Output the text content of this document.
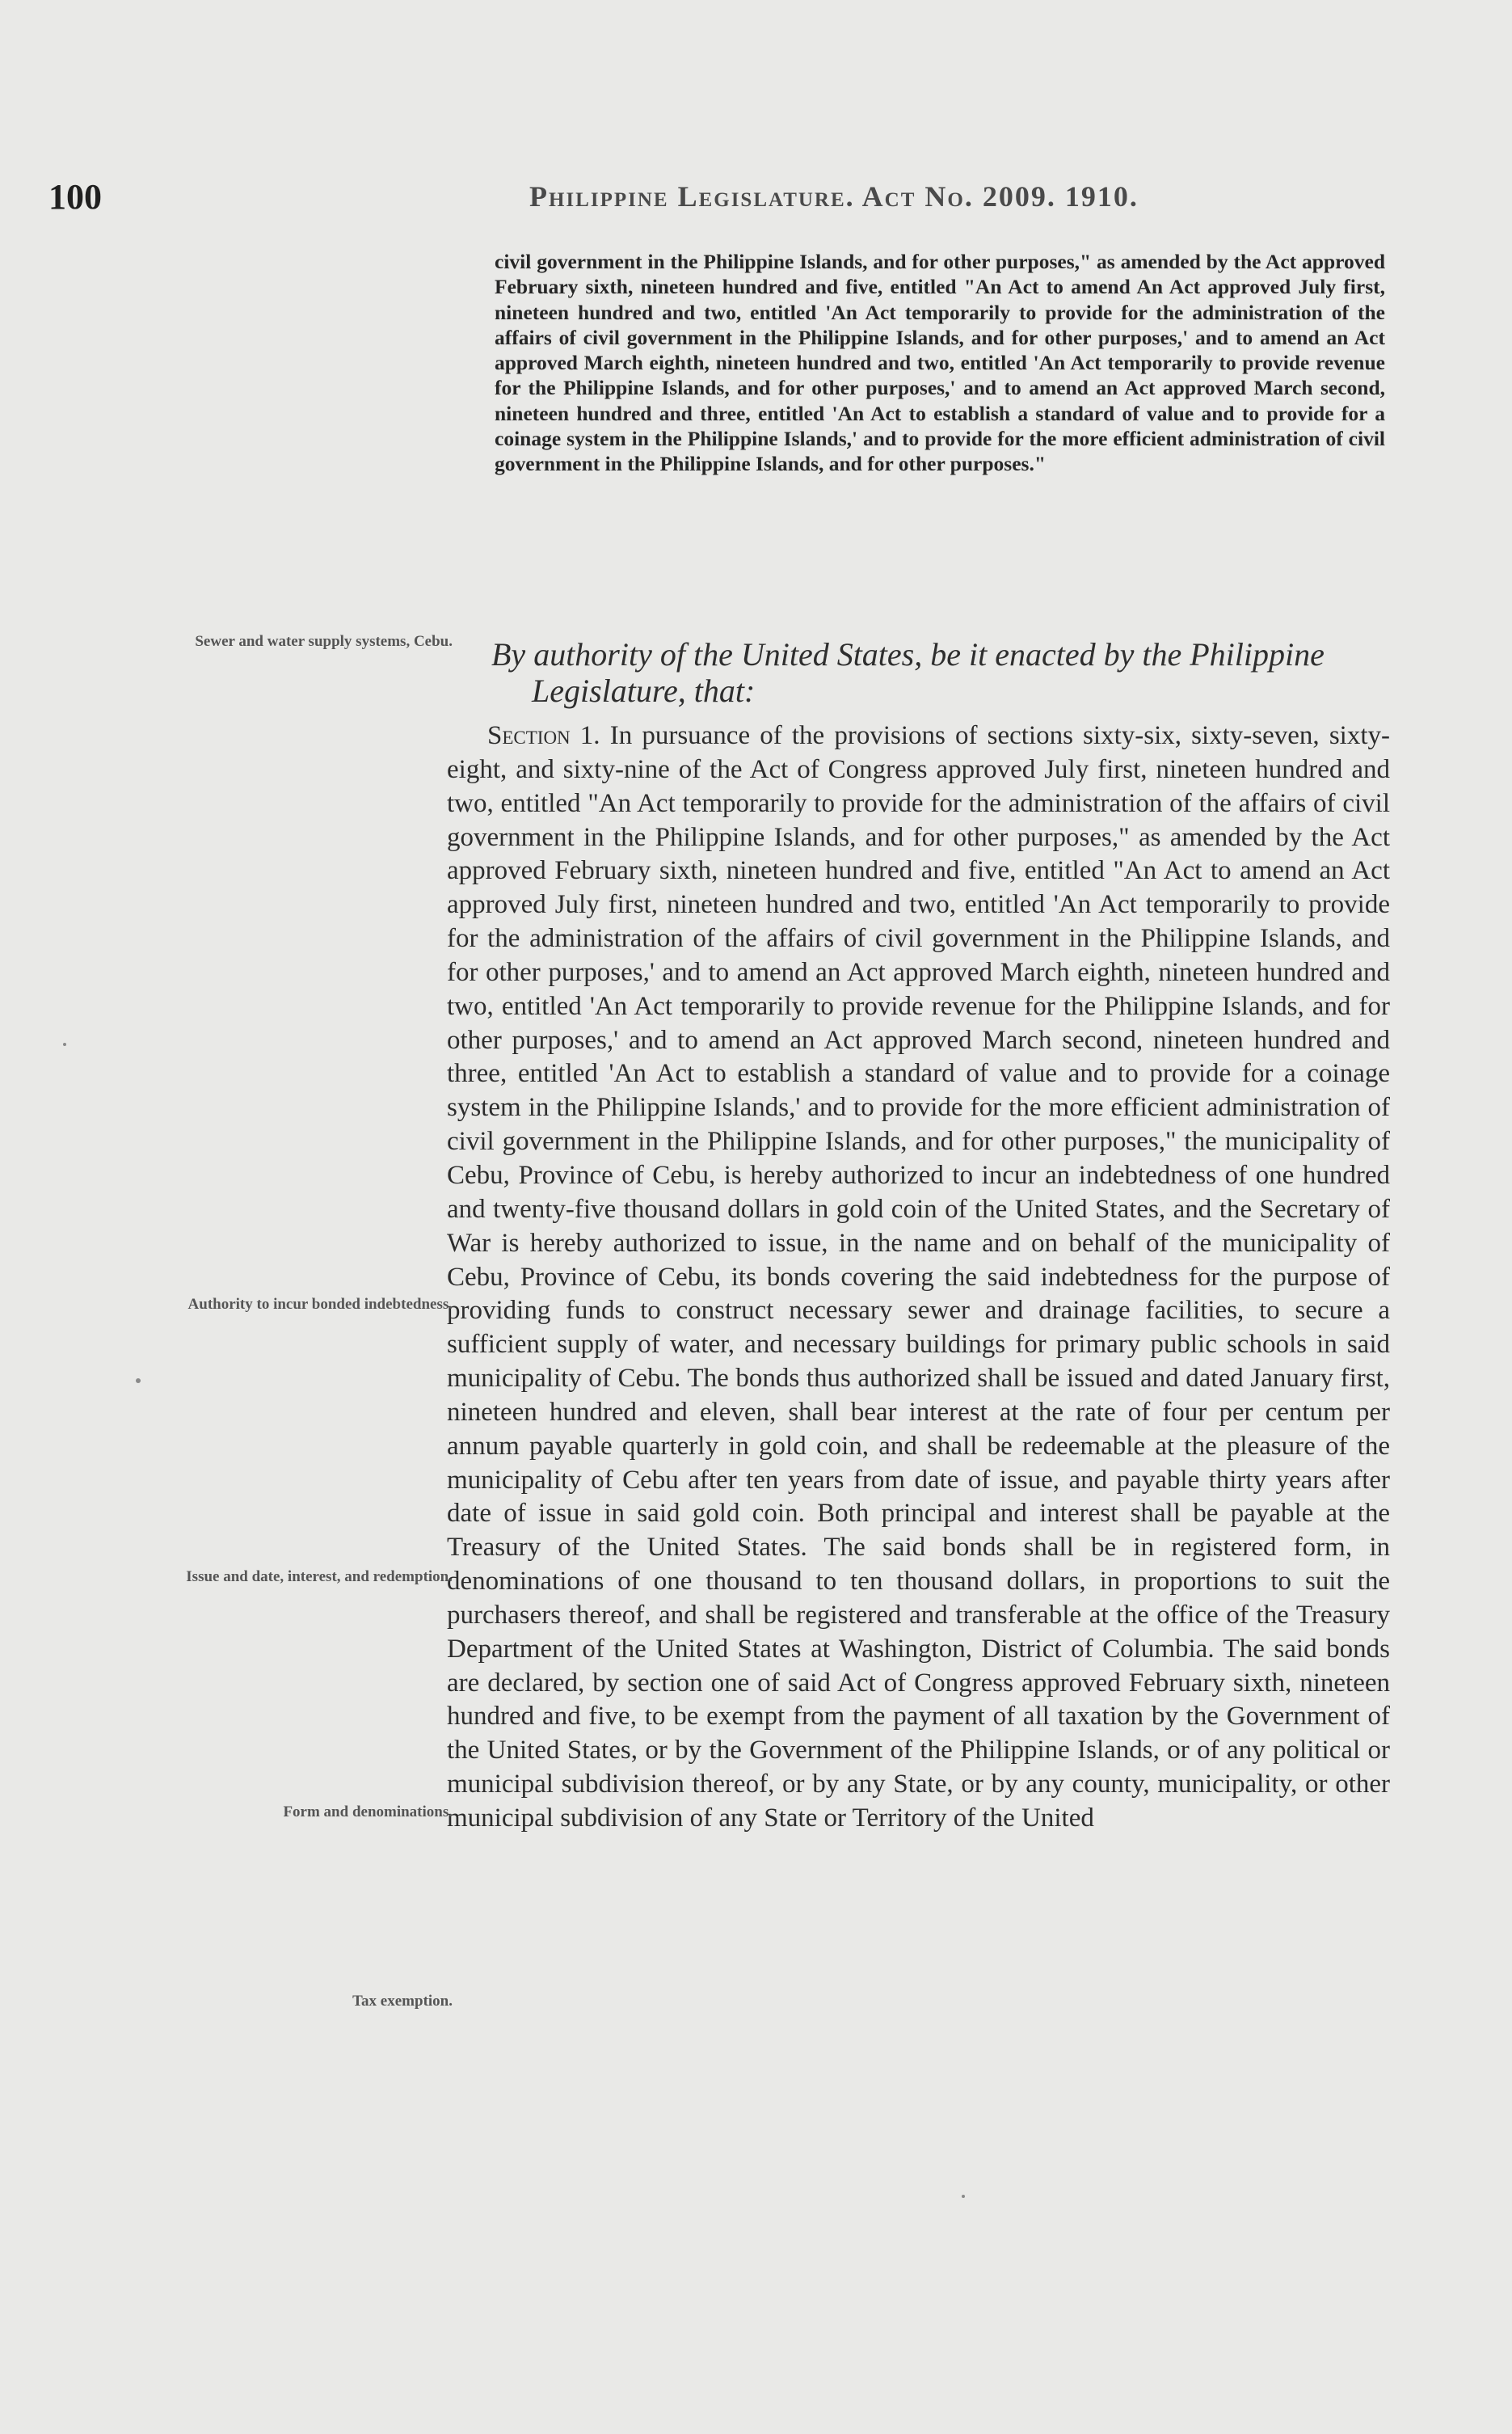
100	Philippine Legislature. Act No. 2009. 1910.

civil government in the Philippine Islands, and for other purposes," as amended by the Act approved February sixth, nineteen hundred and five, entitled "An Act to amend An Act approved July first, nineteen hundred and two, entitled 'An Act temporarily to provide for the administration of the affairs of civil government in the Philippine Islands, and for other purposes,' and to amend an Act approved March eighth, nineteen hundred and two, entitled 'An Act temporarily to provide revenue for the Philippine Islands, and for other purposes,' and to amend an Act approved March second, nineteen hundred and three, entitled 'An Act to establish a standard of value and to provide for a coinage system in the Philippine Islands,' and to provide for the more efficient administration of civil government in the Philippine Islands, and for other purposes."

By authority of the United States, be it enacted by the Philippine
Legislature, that:

Section 1. In pursuance of the provisions of sections sixty-six, sixty-seven, sixty-eight, and sixty-nine of the Act of Congress approved July first, nineteen hundred and two, entitled "An Act temporarily to provide for the administration of the affairs of civil government in the Philippine Islands, and for other purposes," as amended by the Act approved February sixth, nineteen hundred and five, entitled "An Act to amend an Act approved July first, nineteen hundred and two, entitled 'An Act temporarily to provide for the administration of the affairs of civil government in the Philippine Islands, and for other purposes,' and to amend an Act approved March eighth, nineteen hundred and two, entitled 'An Act temporarily to provide revenue for the Philippine Islands, and for other purposes,' and to amend an Act approved March second, nineteen hundred and three, entitled 'An Act to establish a standard of value and to provide for a coinage system in the Philippine Islands,' and to provide for the more efficient administration of civil government in the Philippine Islands, and for other purposes," the municipality of Cebu, Province of Cebu, is hereby authorized to incur an indebtedness of one hundred and twenty-five thousand dollars in gold coin of the United States, and the Secretary of War is hereby authorized to issue, in the name and on behalf of the municipality of Cebu, Province of Cebu, its bonds covering the said indebtedness for the purpose of providing funds to construct necessary sewer and drainage facilities, to secure a sufficient supply of water, and necessary buildings for primary public schools in said municipality of Cebu. The bonds thus authorized shall be issued and dated January first, nineteen hundred and eleven, shall bear interest at the rate of four per centum per annum payable quarterly in gold coin, and shall be redeemable at the pleasure of the municipality of Cebu after ten years from date of issue, and payable thirty years after date of issue in said gold coin. Both principal and interest shall be payable at the Treasury of the United States. The said bonds shall be in registered form, in denominations of one thousand to ten thousand dollars, in proportions to suit the purchasers thereof, and shall be registered and transferable at the office of the Treasury Department of the United States at Washington, District of Columbia. The said bonds are declared, by section one of said Act of Congress approved February sixth, nineteen hundred and five, to be exempt from the payment of all taxation by the Government of the United States, or by the Government of the Philippine Islands, or of any political or municipal subdivision thereof, or by any State, or by any county, municipality, or other municipal subdivision of any State or Territory of the United

Sewer and water supply systems, Cebu.

Authority to incur bonded indebtedness.

Issue and date, interest, and redemption.

Form and denominations.

Tax exemption.
